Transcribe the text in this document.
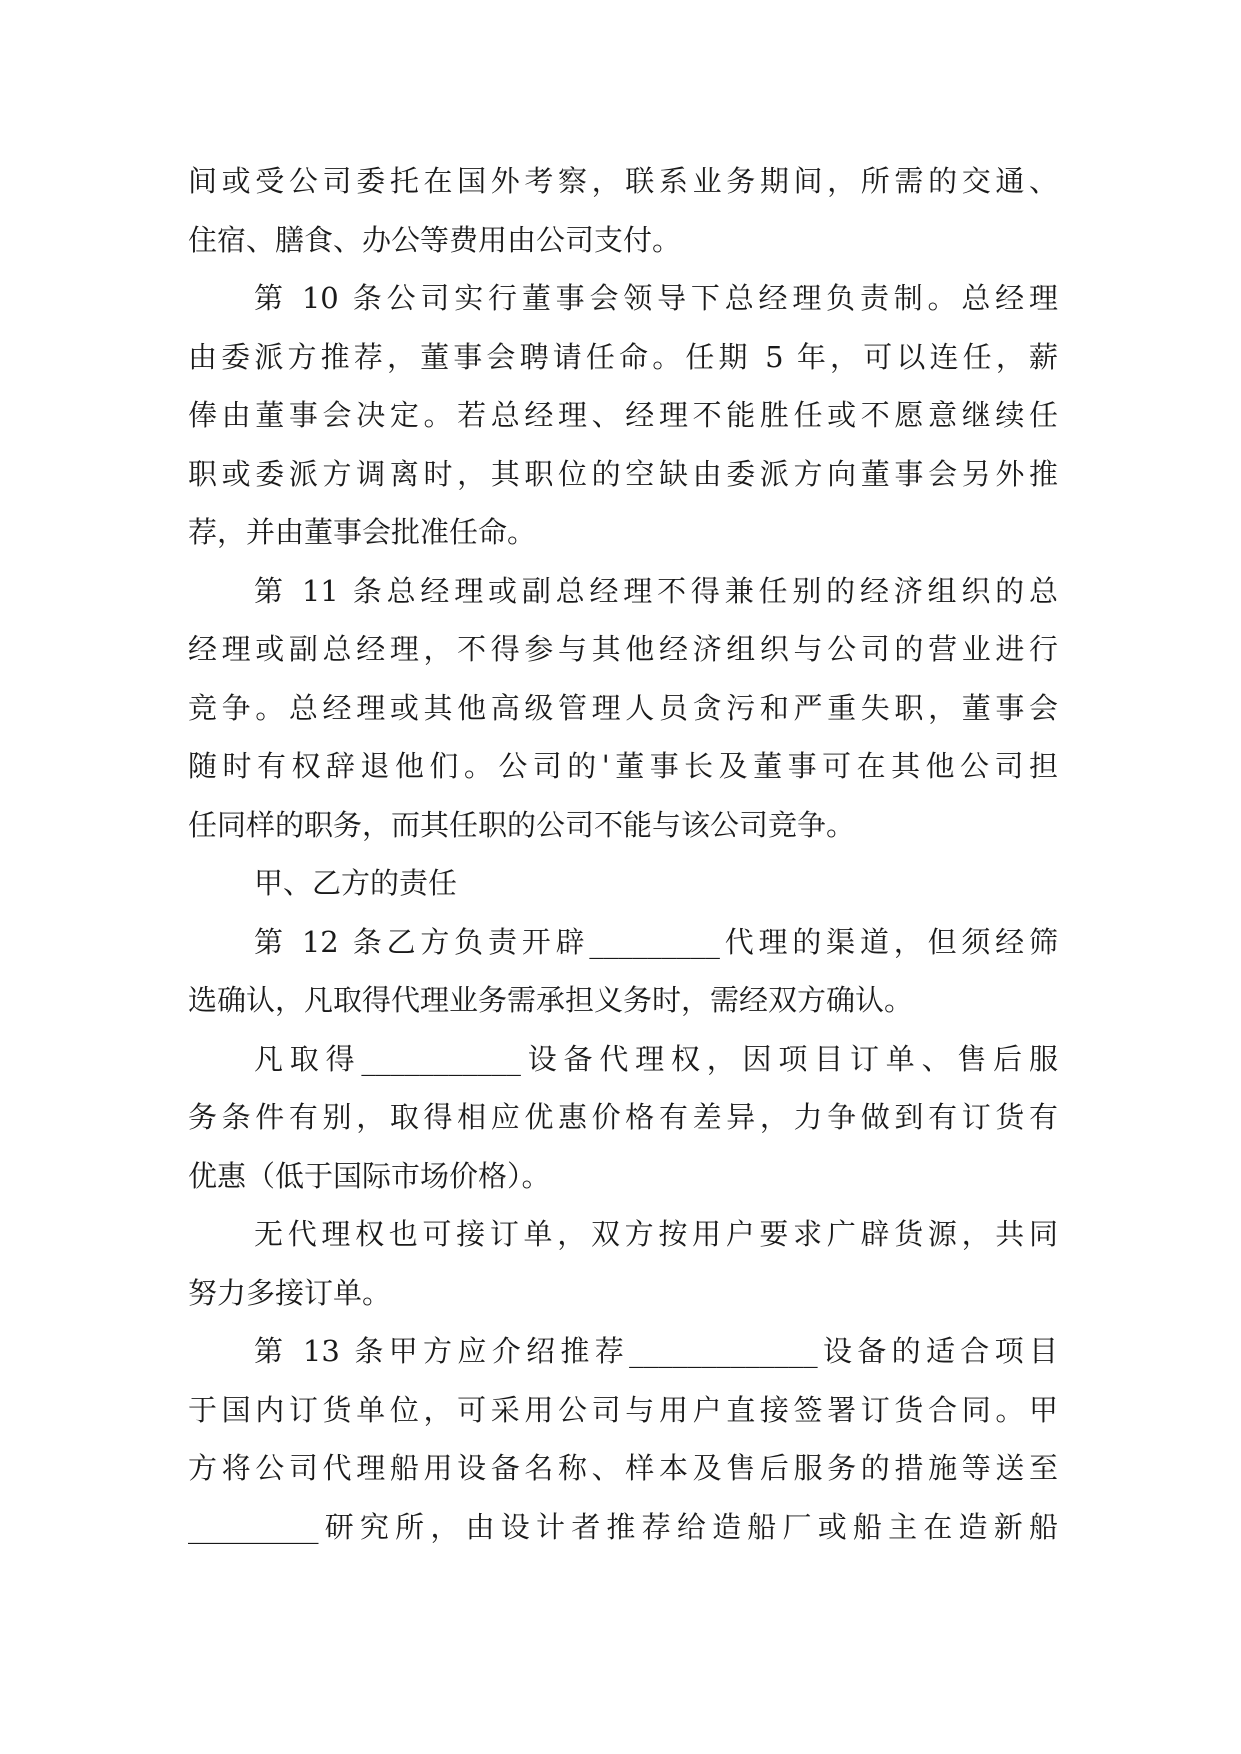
间或受公司委托在国外考察，联系业务期间，所需的交通、
住宿、膳食、办公等费用由公司支付。
第 10 条公司实行董事会领导下总经理负责制。总经理
由委派方推荐，董事会聘请任命。任期 5 年，可以连任，薪
俸由董事会决定。若总经理、经理不能胜任或不愿意继续任
职或委派方调离时，其职位的空缺由委派方向董事会另外推
荐，并由董事会批准任命。
第 11 条总经理或副总经理不得兼任别的经济组织的总
经理或副总经理，不得参与其他经济组织与公司的营业进行
竞争。总经理或其他高级管理人员贪污和严重失职，董事会
随时有权辞退他们。公司的'董事长及董事可在其他公司担
任同样的职务，而其任职的公司不能与该公司竞争。
甲、乙方的责任
第 12 条乙方负责开辟_________代理的渠道，但须经筛
选确认，凡取得代理业务需承担义务时，需经双方确认。
凡取得___________设备代理权，因项目订单、售后服
务条件有别，取得相应优惠价格有差异，力争做到有订货有
优惠（低于国际市场价格）。
无代理权也可接订单，双方按用户要求广辟货源，共同
努力多接订单。
第 13 条甲方应介绍推荐_____________设备的适合项目
于国内订货单位，可采用公司与用户直接签署订货合同。甲
方将公司代理船用设备名称、样本及售后服务的措施等送至
_________研究所，由设计者推荐给造船厂或船主在造新船
